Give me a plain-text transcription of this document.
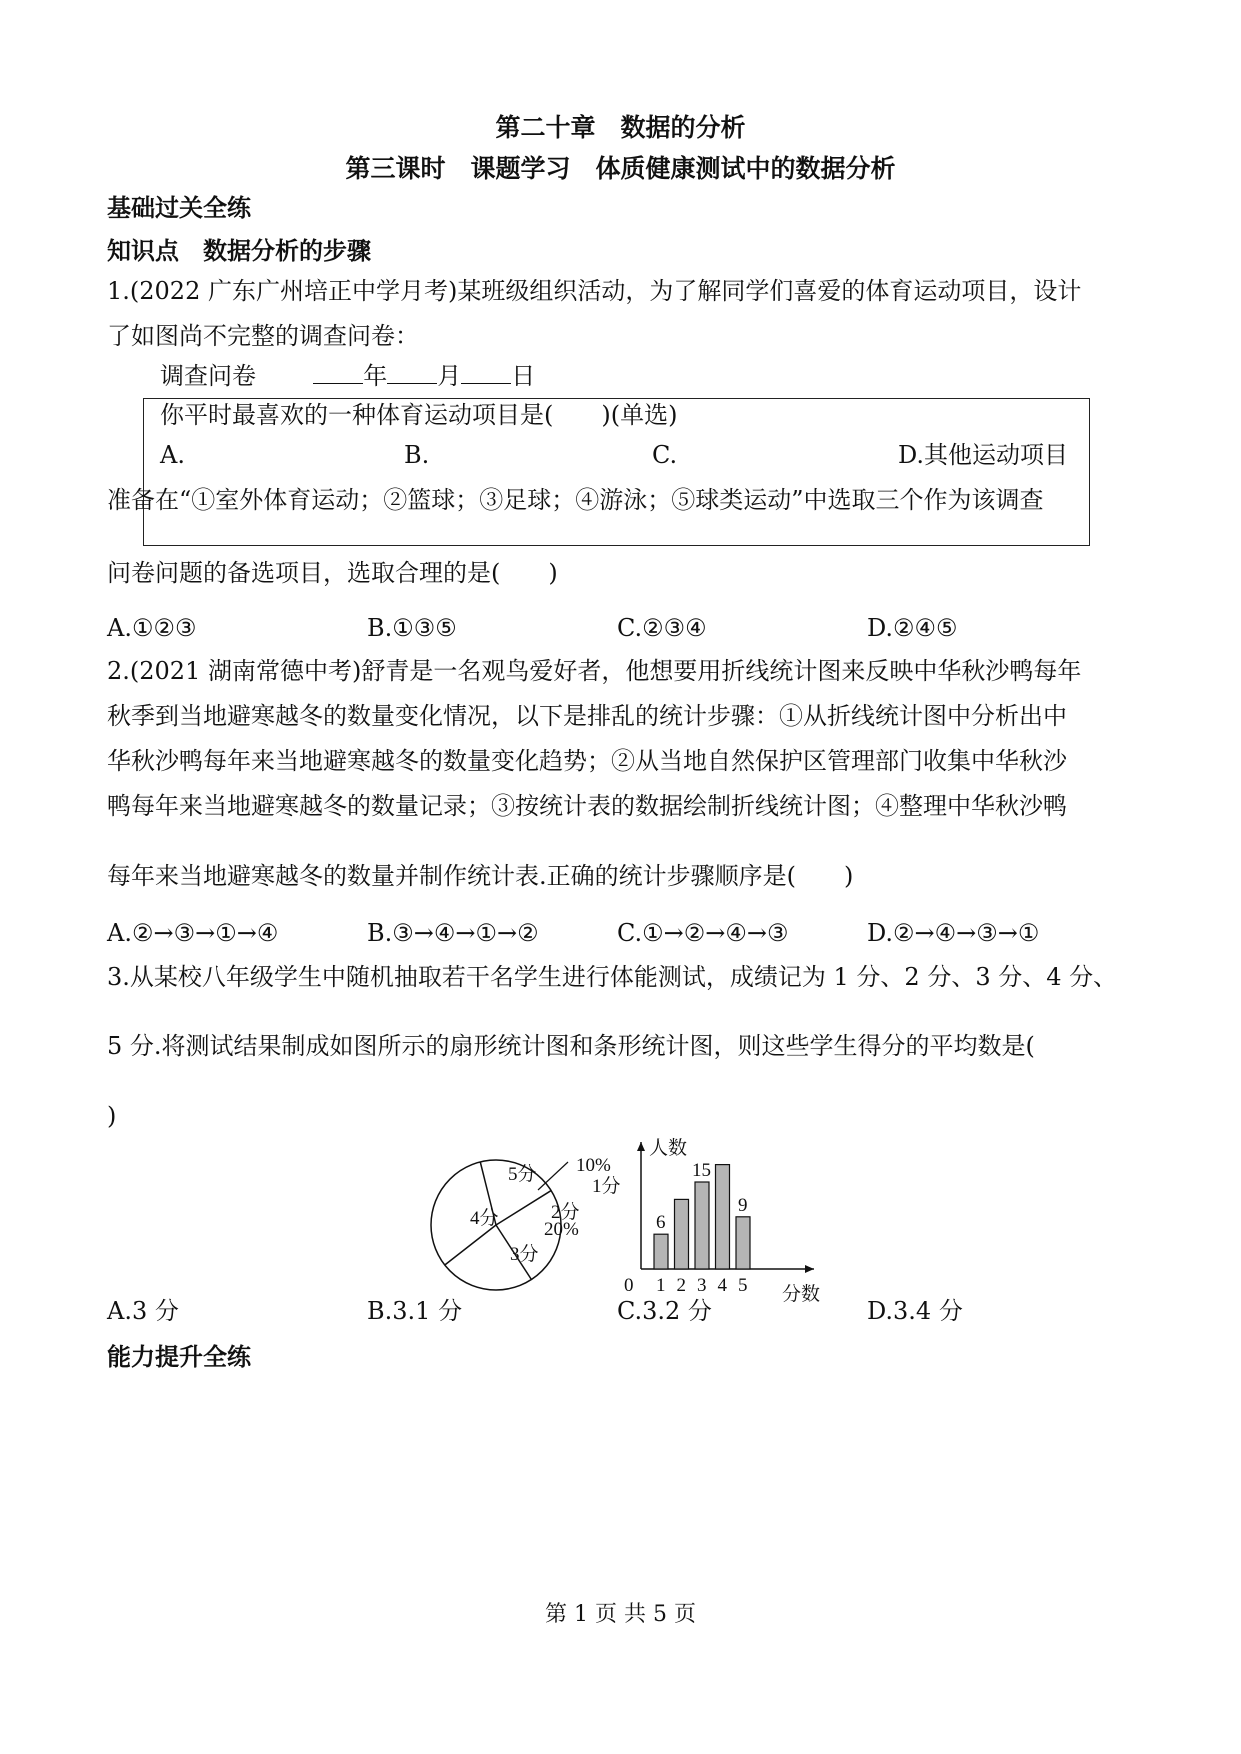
第二十章　数据的分析
第三课时　课题学习　体质健康测试中的数据分析
基础过关全练
知识点　数据分析的步骤
1.(2022 广东广州培正中学月考)某班级组织活动，为了解同学们喜爱的体育运动项目，设计
了如图尚不完整的调查问卷：
调查问卷	年 月 日
你平时最喜欢的一种体育运动项目是(　　)(单选)
A.	B.	C.	D.其他运动项目
准备在“①室外体育运动；②篮球；③足球；④游泳；⑤球类运动”中选取三个作为该调查
问卷问题的备选项目，选取合理的是(　　)
A.①②③	B.①③⑤	C.②③④	D.②④⑤
2.(2021 湖南常德中考)舒青是一名观鸟爱好者，他想要用折线统计图来反映中华秋沙鸭每年
秋季到当地避寒越冬的数量变化情况，以下是排乱的统计步骤：①从折线统计图中分析出中
华秋沙鸭每年来当地避寒越冬的数量变化趋势；②从当地自然保护区管理部门收集中华秋沙
鸭每年来当地避寒越冬的数量记录；③按统计表的数据绘制折线统计图；④整理中华秋沙鸭
每年来当地避寒越冬的数量并制作统计表.正确的统计步骤顺序是(　　)
A.②→③→①→④	B.③→④→①→②	C.①→②→④→③	D.②→④→③→①
3.从某校八年级学生中随机抽取若干名学生进行体能测试，成绩记为 1 分、2 分、3 分、4 分、
5 分.将测试结果制成如图所示的扇形统计图和条形统计图，则这些学生得分的平均数是(
)
5分 10%
1分
2分
20%
3分
4分
1
6
2 3
15
4 5
9
0
人数
分数
A.3 分	B.3.1 分	C.3.2 分	D.3.4 分
能力提升全练
第 1 页 共 5 页
